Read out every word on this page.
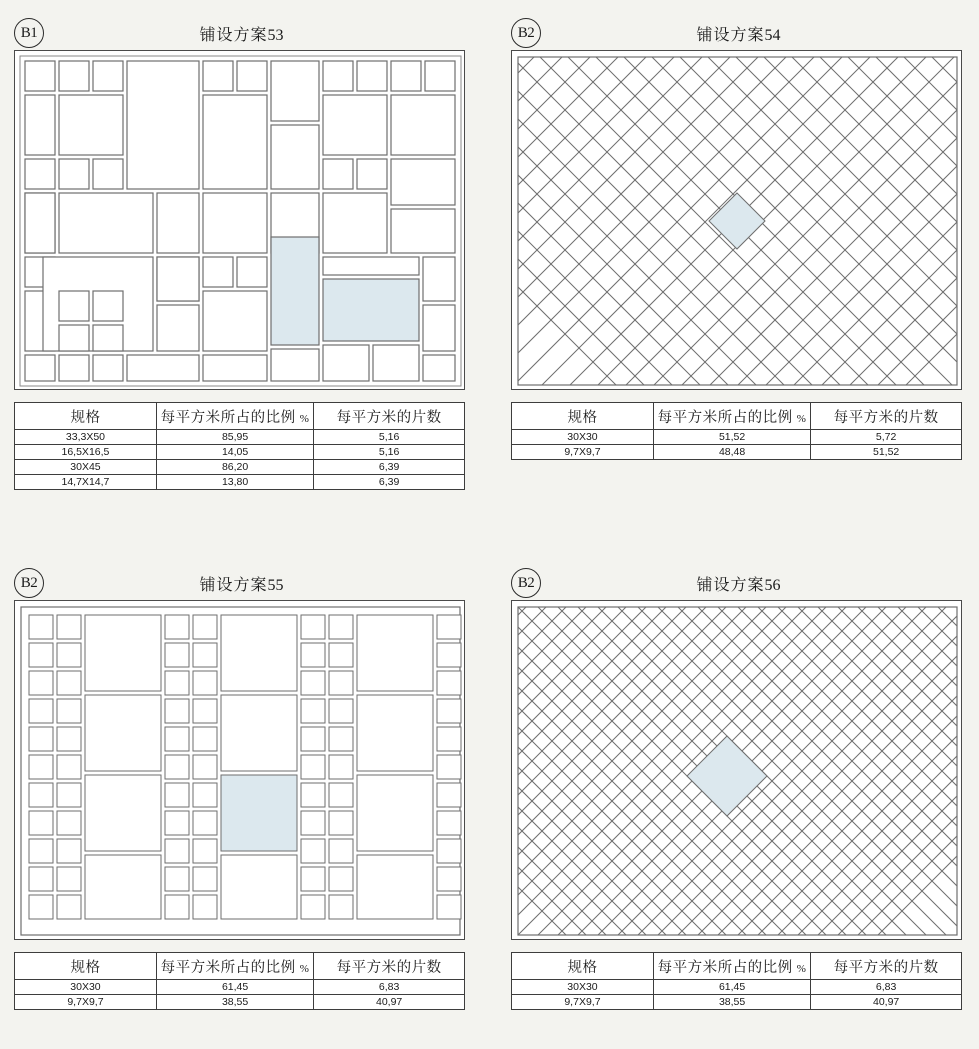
B1	铺设方案53
规格	每平方米所占的比例 %	每平方米的片数
33,3X50	85,95	5,16
16,5X16,5	14,05	5,16
30X45	86,20	6,39
14,7X14,7	13,80	6,39
B2	铺设方案54
规格	每平方米所占的比例 %	每平方米的片数
30X30	51,52	5,72
9,7X9,7	48,48	51,52
B2	铺设方案55
规格	每平方米所占的比例 %	每平方米的片数
30X30	61,45	6,83
9,7X9,7	38,55	40,97
B2	铺设方案56
规格	每平方米所占的比例 %	每平方米的片数
30X30	61,45	6,83
9,7X9,7	38,55	40,97
